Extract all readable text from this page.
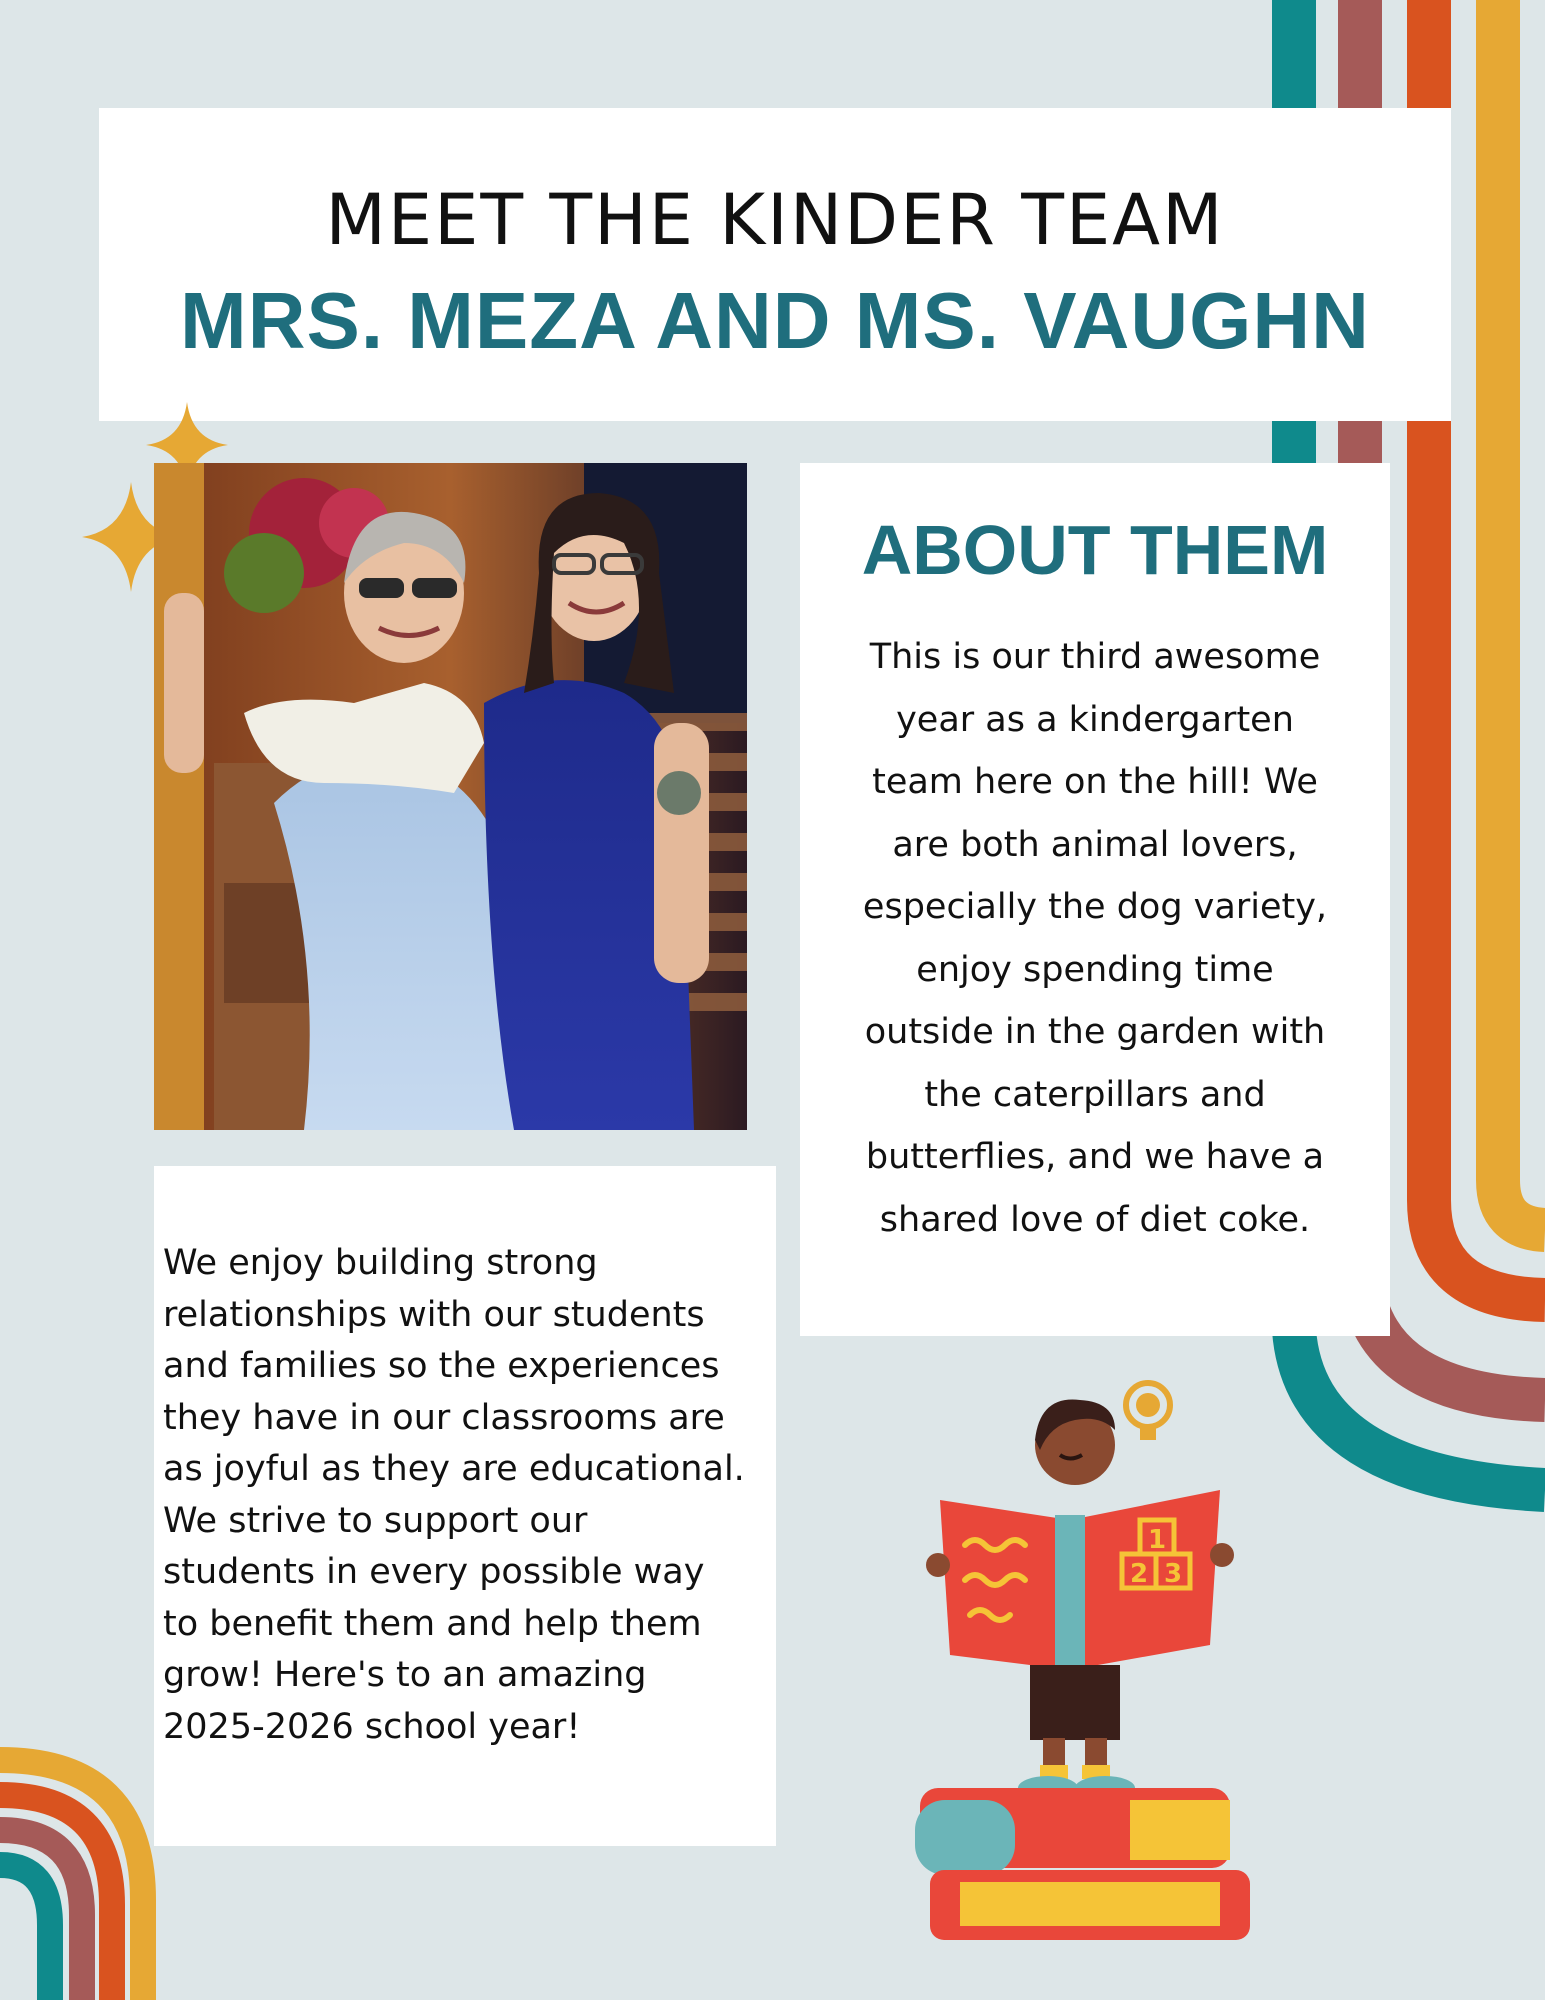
MEET THE KINDER TEAM
MRS. MEZA AND MS. VAUGHN
ABOUT THEM
This is our third awesome
year as a kindergarten
team here on the hill! We
are both animal lovers,
especially the dog variety,
enjoy spending time
outside in the garden with
the caterpillars and
butterflies, and we have a
shared love of diet coke.
We enjoy building strong
relationships with our students
and families so the experiences
they have in our classrooms are
as joyful as they are educational.
We strive to support our
students in every possible way
to benefit them and help them
grow! Here's to an amazing
2025-2026 school year!
1
2 3
